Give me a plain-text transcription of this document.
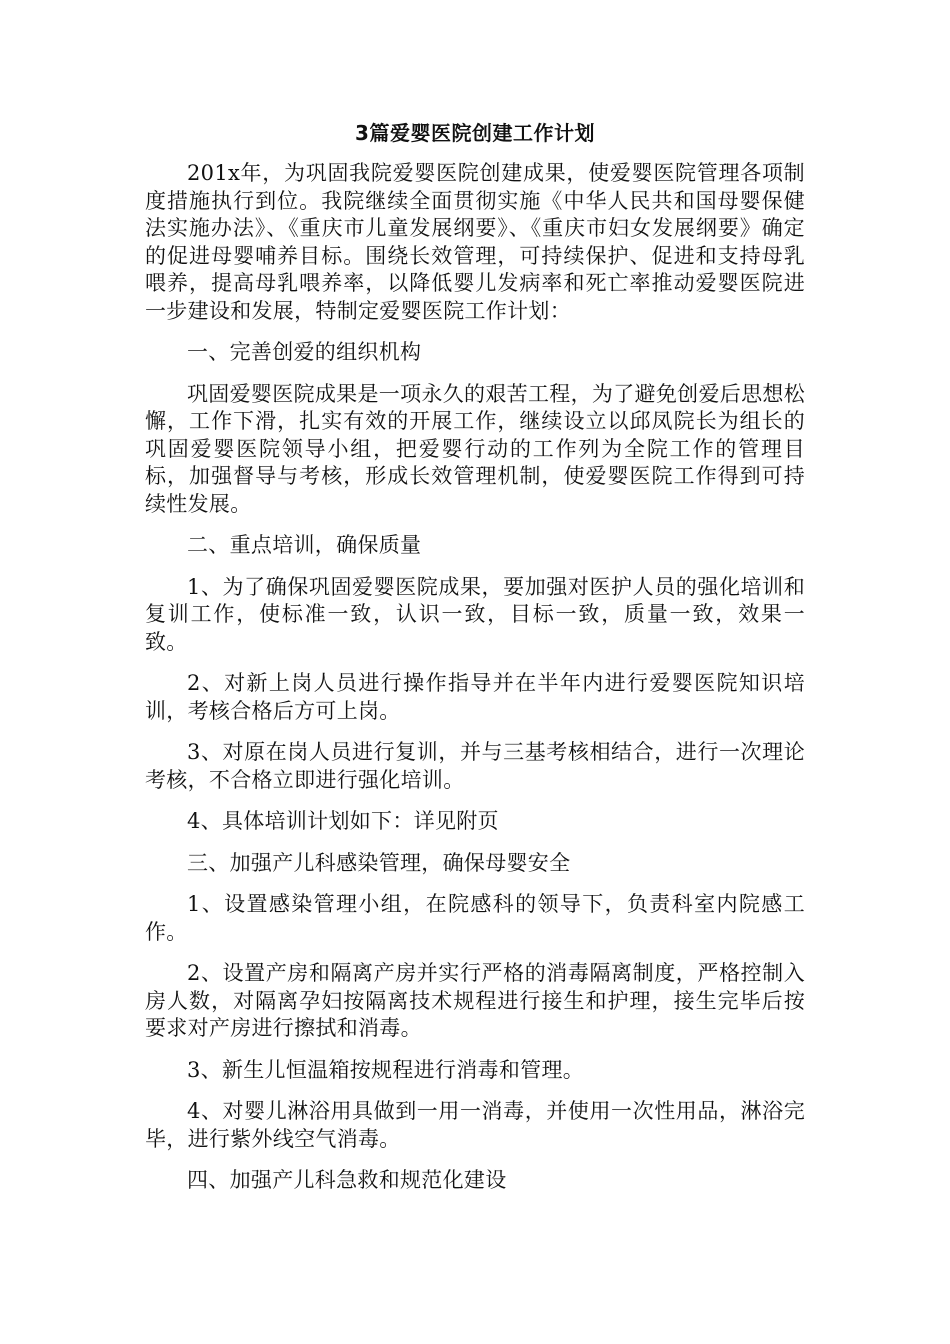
3篇爱婴医院创建工作计划

201x年，为巩固我院爱婴医院创建成果，使爱婴医院管理各项制度措施执行到位。我院继续全面贯彻实施《中华人民共和国母婴保健法实施办法》、《重庆市儿童发展纲要》、《重庆市妇女发展纲要》确定的促进母婴哺养目标。围绕长效管理，可持续保护、促进和支持母乳喂养，提高母乳喂养率，以降低婴儿发病率和死亡率推动爱婴医院进一步建设和发展，特制定爱婴医院工作计划：

一、完善创爱的组织机构

巩固爱婴医院成果是一项永久的艰苦工程，为了避免创爱后思想松懈，工作下滑，扎实有效的开展工作，继续设立以邱凤院长为组长的巩固爱婴医院领导小组，把爱婴行动的工作列为全院工作的管理目标，加强督导与考核，形成长效管理机制，使爱婴医院工作得到可持续性发展。

二、重点培训，确保质量

1、为了确保巩固爱婴医院成果，要加强对医护人员的强化培训和复训工作，使标准一致，认识一致，目标一致，质量一致，效果一致。

2、对新上岗人员进行操作指导并在半年内进行爱婴医院知识培训，考核合格后方可上岗。

3、对原在岗人员进行复训，并与三基考核相结合，进行一次理论考核，不合格立即进行强化培训。

4、具体培训计划如下：详见附页

三、加强产儿科感染管理，确保母婴安全

1、设置感染管理小组，在院感科的领导下，负责科室内院感工作。

2、设置产房和隔离产房并实行严格的消毒隔离制度，严格控制入房人数，对隔离孕妇按隔离技术规程进行接生和护理，接生完毕后按要求对产房进行擦拭和消毒。

3、新生儿恒温箱按规程进行消毒和管理。

4、对婴儿淋浴用具做到一用一消毒，并使用一次性用品，淋浴完毕，进行紫外线空气消毒。

四、加强产儿科急救和规范化建设
